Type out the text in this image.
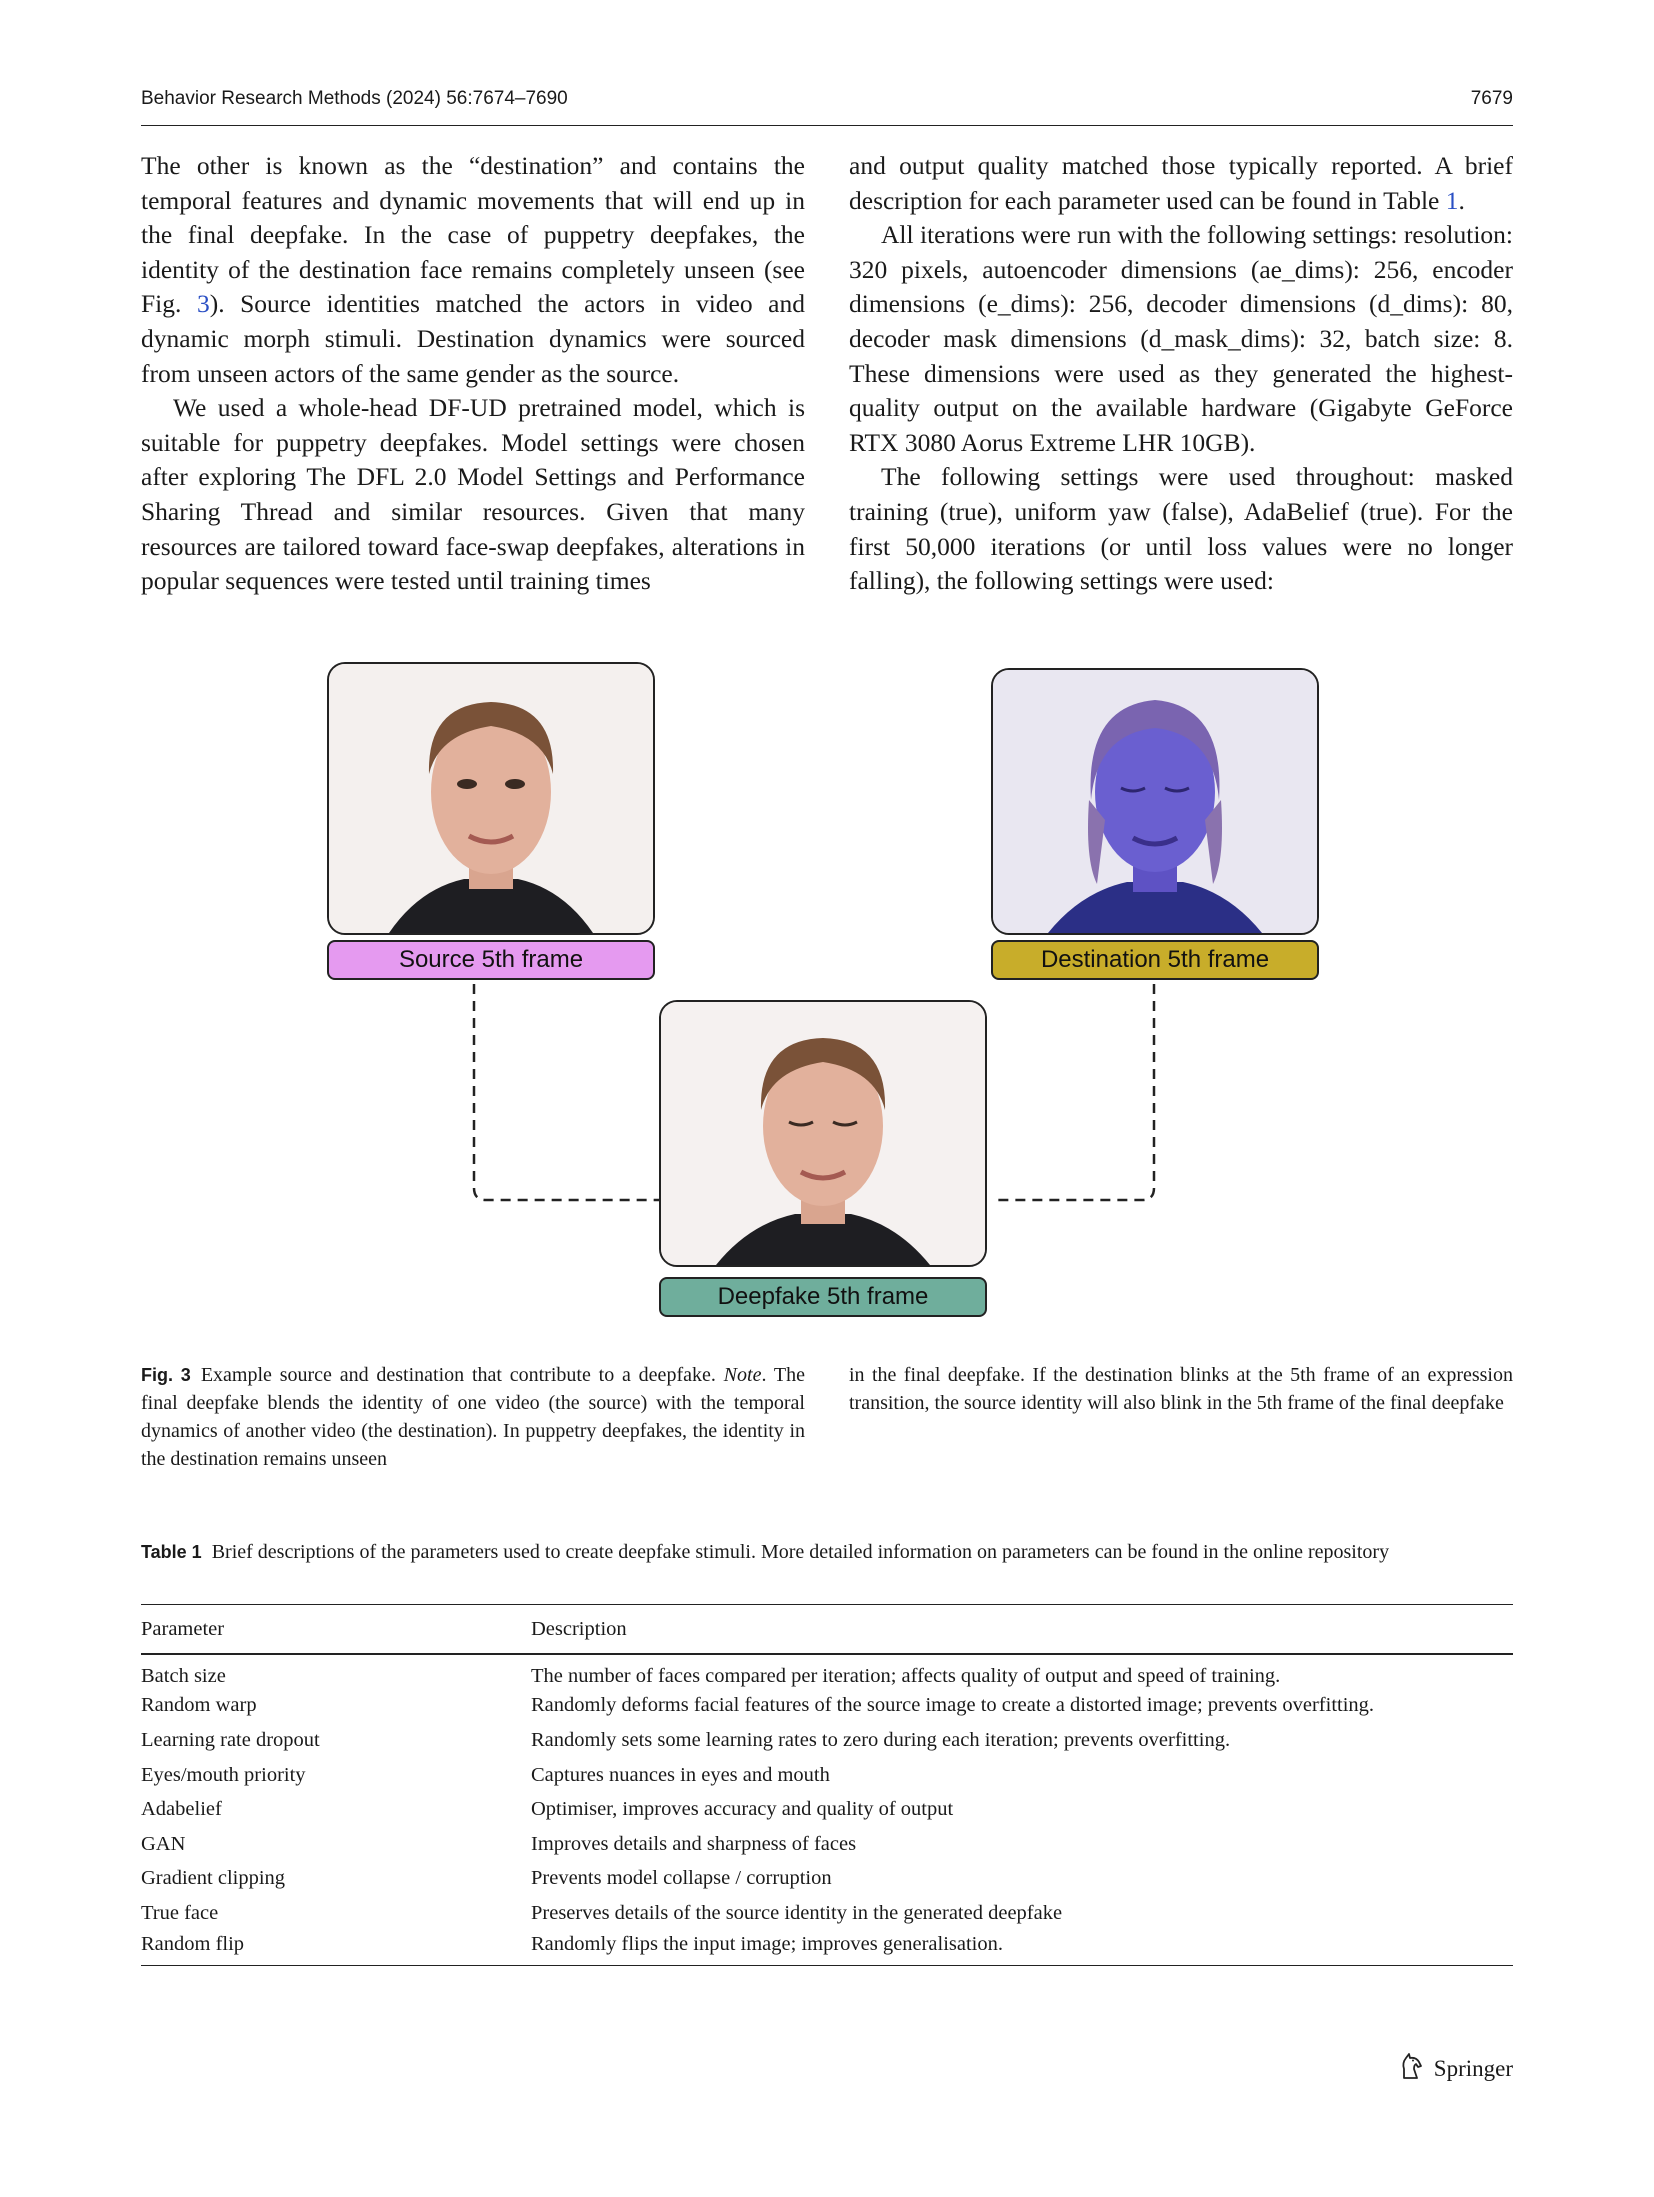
Behavior Research Methods (2024) 56:7674–7690	7679

The other is known as the “destination” and contains the temporal features and dynamic movements that will end up in the final deepfake. In the case of puppetry deepfakes, the identity of the destination face remains completely unseen (see Fig. 3). Source identities matched the actors in video and dynamic morph stimuli. Destination dynamics were sourced from unseen actors of the same gender as the source.

We used a whole-head DF-UD pretrained model, which is suitable for puppetry deepfakes. Model settings were chosen after exploring The DFL 2.0 Model Settings and Performance Sharing Thread and similar resources. Given that many resources are tailored toward face-swap deepfakes, alterations in popular sequences were tested until training times

and output quality matched those typically reported. A brief description for each parameter used can be found in Table 1.

All iterations were run with the following settings: resolution: 320 pixels, autoencoder dimensions (ae_dims): 256, encoder dimensions (e_dims): 256, decoder dimensions (d_dims): 80, decoder mask dimensions (d_mask_dims): 32, batch size: 8. These dimensions were used as they generated the highest-quality output on the available hardware (Gigabyte GeForce RTX 3080 Aorus Extreme LHR 10GB).

The following settings were used throughout: masked training (true), uniform yaw (false), AdaBelief (true). For the first 50,000 iterations (or until loss values were no longer falling), the following settings were used:

Source 5th frame	Destination 5th frame
Deepfake 5th frame
Fig. 3 Example source and destination that contribute to a deepfake. Note. The final deepfake blends the identity of one video (the source) with the temporal dynamics of another video (the destination). In puppetry deepfakes, the identity in the destination remains unseen
Table 1 Brief descriptions of the parameters used to create deepfake stimuli. More detailed information on parameters can be found in the online repository
Parameter	Description
Batch size	The number of faces compared per iteration; affects quality of output and speed of training.
Random warp	Randomly deforms facial features of the source image to create a distorted image; prevents overfitting.
Learning rate dropout	Randomly sets some learning rates to zero during each iteration; prevents overfitting.
Eyes/mouth priority	Captures nuances in eyes and mouth
Adabelief	Optimiser, improves accuracy and quality of output
GAN	Improves details and sharpness of faces
Gradient clipping	Prevents model collapse / corruption
True face	Preserves details of the source identity in the generated deepfake
Random flip	Randomly flips the input image; improves generalisation.
Springer
in the final deepfake. If the destination blinks at the 5th frame of an expression transition, the source identity will also blink in the 5th frame of the final deepfake
